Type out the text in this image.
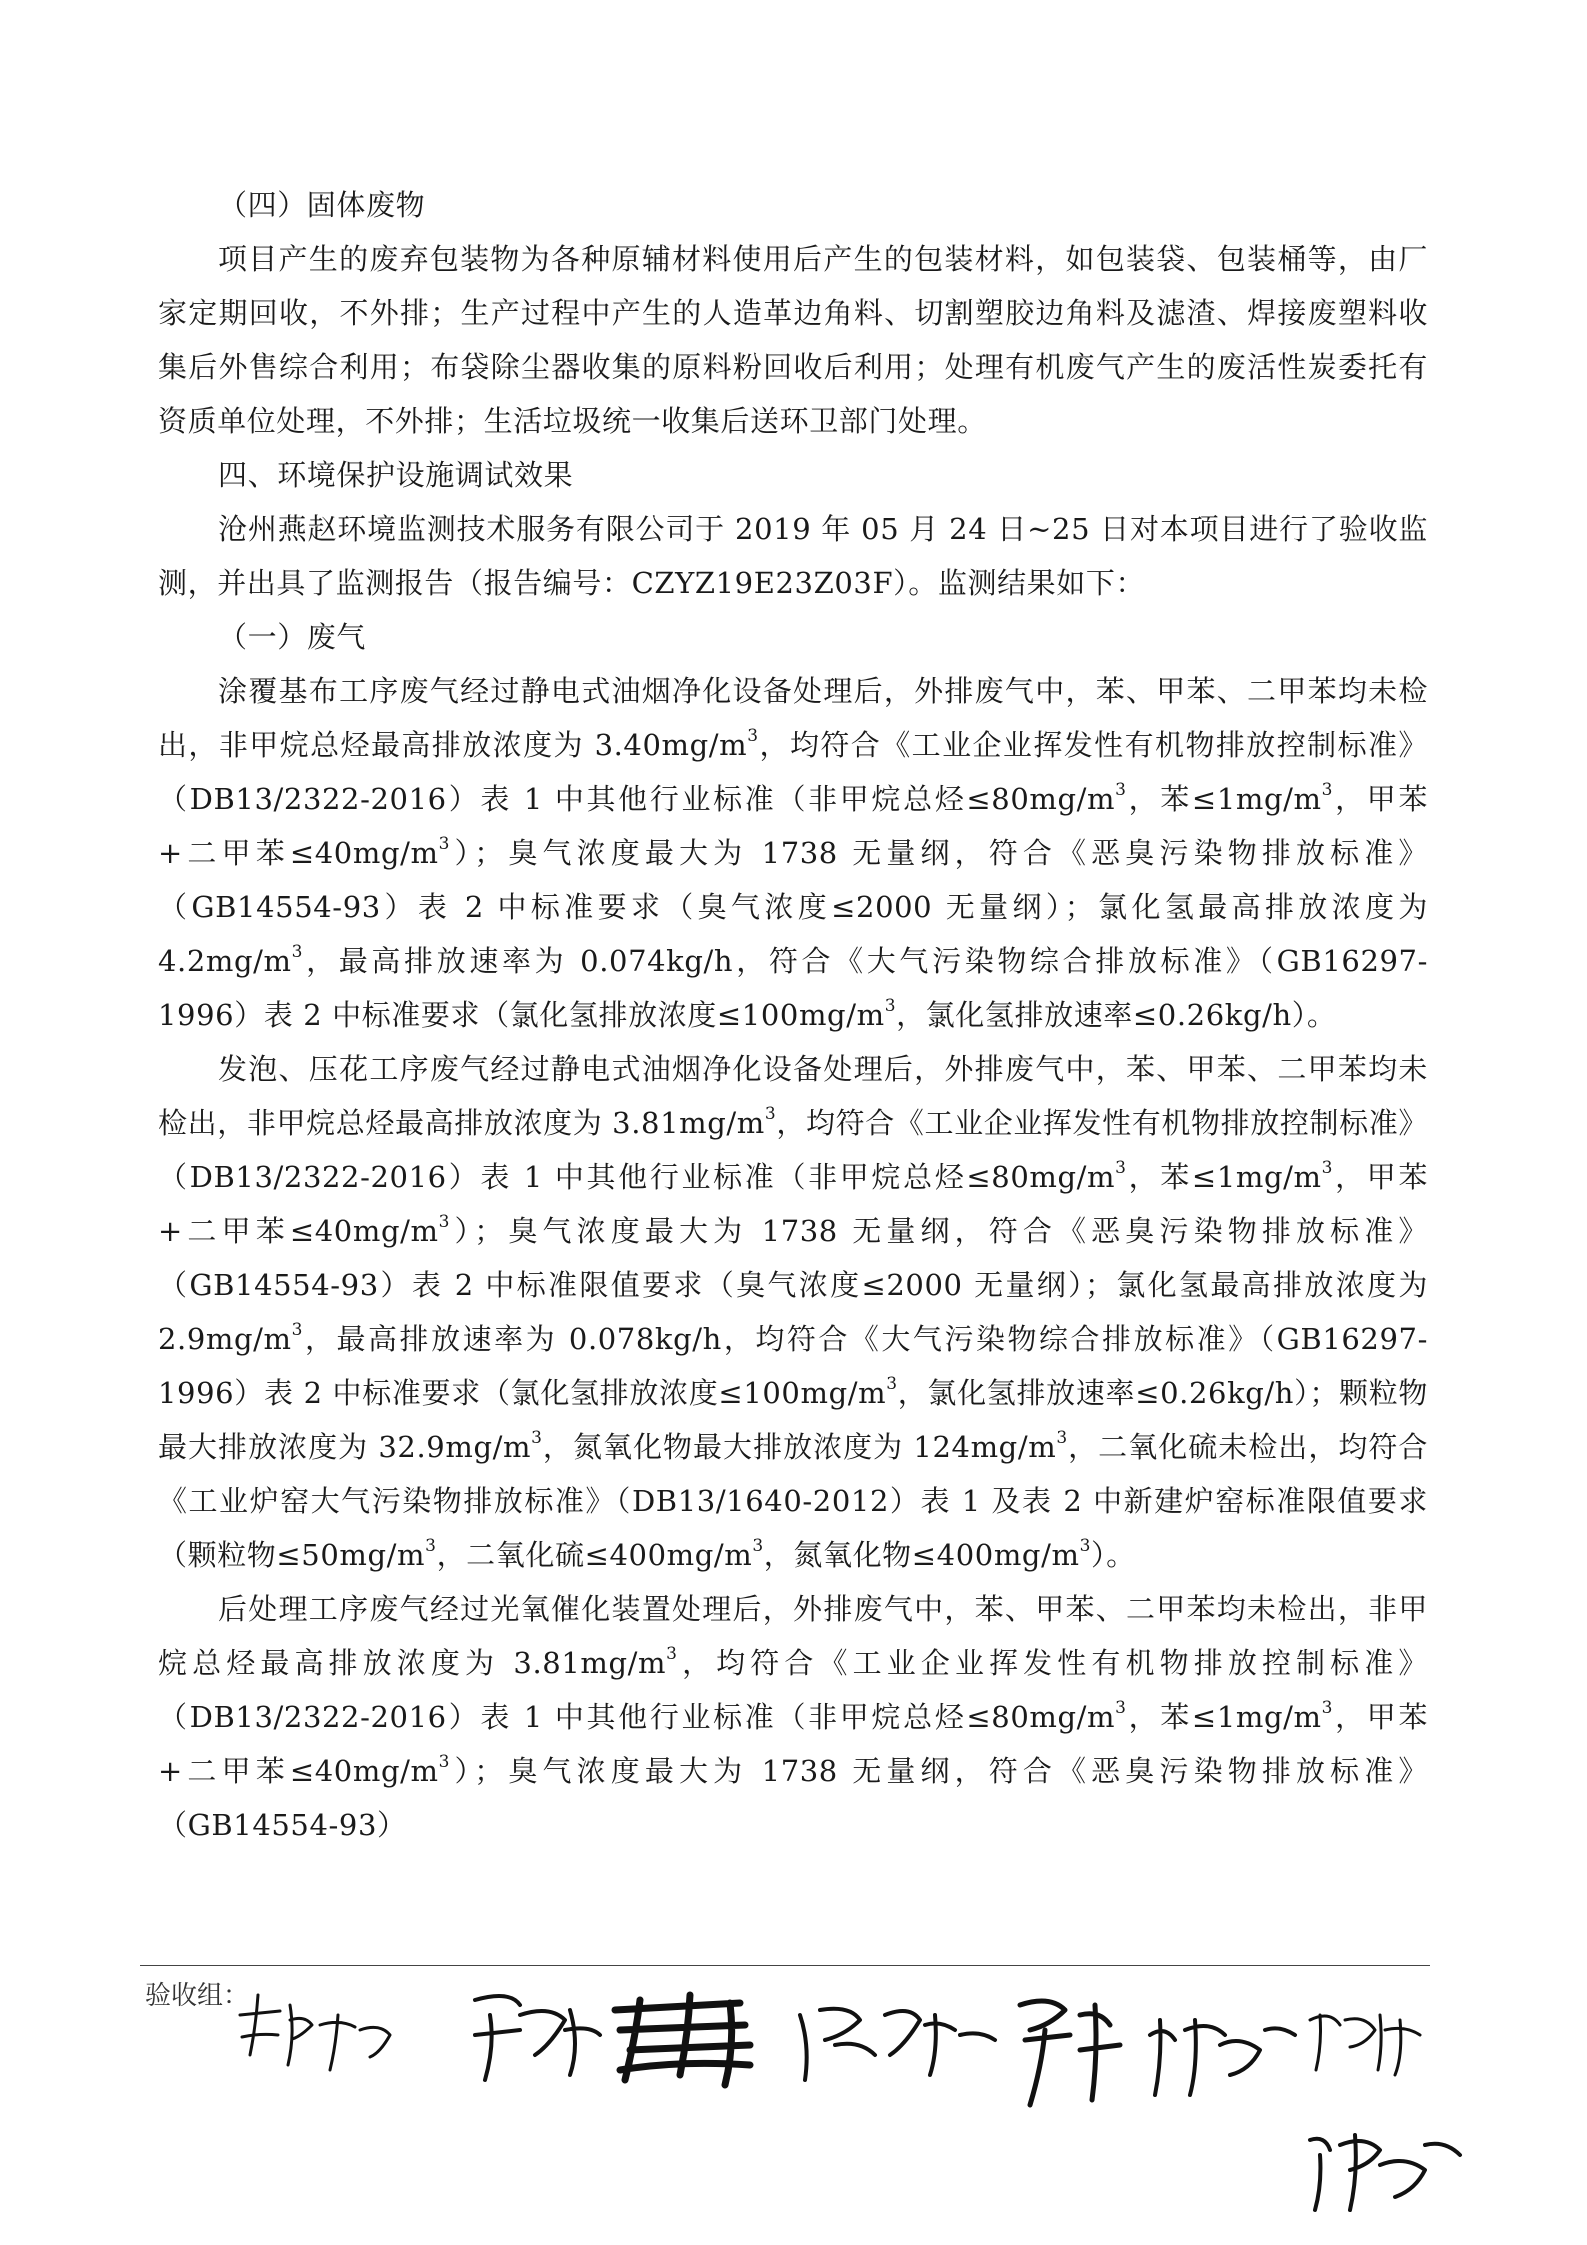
（四）固体废物

项目产生的废弃包装物为各种原辅材料使用后产生的包装材料，如包装袋、包装桶等，由厂家定期回收，不外排；生产过程中产生的人造革边角料、切割塑胶边角料及滤渣、焊接废塑料收集后外售综合利用；布袋除尘器收集的原料粉回收后利用；处理有机废气产生的废活性炭委托有资质单位处理，不外排；生活垃圾统一收集后送环卫部门处理。

四、环境保护设施调试效果

沧州燕赵环境监测技术服务有限公司于 2019 年 05 月 24 日~25 日对本项目进行了验收监测，并出具了监测报告（报告编号：CZYZ19E23Z03F）。监测结果如下：

（一）废气

涂覆基布工序废气经过静电式油烟净化设备处理后，外排废气中，苯、甲苯、二甲苯均未检出，非甲烷总烃最高排放浓度为 $3.40mg/m^3$，均符合《工业企业挥发性有机物排放控制标准》（DB13/2322-2016）表 1 中其他行业标准（非甲烷总烃$\le 80mg/m^3$，苯$\le 1mg/m^3$，甲苯+二甲苯$\le 40mg/m^3$）；臭气浓度最大为 1738 无量纲，符合《恶臭污染物排放标准》（GB14554-93）表 2 中标准要求（臭气浓度≤2000 无量纲）；氯化氢最高排放浓度为 $4.2mg/m^3$，最高排放速率为 0.074kg/h，符合《大气污染物综合排放标准》（GB16297-1996）表 2 中标准要求（氯化氢排放浓度$\le 100mg/m^3$，氯化氢排放速率≤0.26kg/h）。

发泡、压花工序废气经过静电式油烟净化设备处理后，外排废气中，苯、甲苯、二甲苯均未检出，非甲烷总烃最高排放浓度为 $3.81mg/m^3$，均符合《工业企业挥发性有机物排放控制标准》（DB13/2322-2016）表 1 中其他行业标准（非甲烷总烃$\le 80mg/m^3$，苯$\le 1mg/m^3$，甲苯+二甲苯$\le 40mg/m^3$）；臭气浓度最大为 1738 无量纲，符合《恶臭污染物排放标准》（GB14554-93）表 2 中标准限值要求（臭气浓度≤2000 无量纲）；氯化氢最高排放浓度为 $2.9mg/m^3$，最高排放速率为 0.078kg/h，均符合《大气污染物综合排放标准》（GB16297-1996）表 2 中标准要求（氯化氢排放浓度$\le 100mg/m^3$，氯化氢排放速率≤0.26kg/h）；颗粒物最大排放浓度为 $32.9mg/m^3$，氮氧化物最大排放浓度为 $124mg/m^3$，二氧化硫未检出，均符合《工业炉窑大气污染物排放标准》（DB13/1640-2012）表 1 及表 2 中新建炉窑标准限值要求（颗粒物$\le 50mg/m^3$，二氧化硫$\le 400mg/m^3$，氮氧化物$\le 400mg/m^3$）。

后处理工序废气经过光氧催化装置处理后，外排废气中，苯、甲苯、二甲苯均未检出，非甲烷总烃最高排放浓度为 $3.81mg/m^3$，均符合《工业企业挥发性有机物排放控制标准》（DB13/2322-2016）表 1 中其他行业标准（非甲烷总烃$\le 80mg/m^3$，苯$\le 1mg/m^3$，甲苯+二甲苯$\le 40mg/m^3$）；臭气浓度最大为 1738 无量纲，符合《恶臭污染物排放标准》（GB14554-93）

验收组：
